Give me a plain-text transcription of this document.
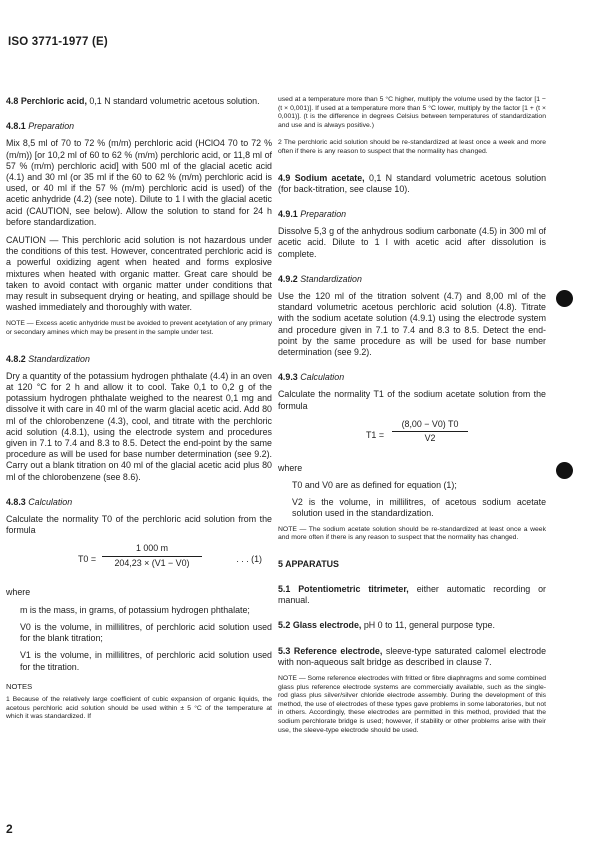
ISO 3771-1977 (E)

4.8 Perchloric acid, 0,1 N standard volumetric acetous solution.

4.8.1 Preparation

Mix 8,5 ml of 70 to 72 % (m/m) perchloric acid (HClO4 70 to 72 % (m/m)) [or 10,2 ml of 60 to 62 % (m/m) perchloric acid, or 11,8 ml of 57 % (m/m) perchloric acid] with 500 ml of the glacial acetic acid (4.1) and 30 ml (or 35 ml if the 60 to 62 % (m/m) perchloric acid is used, or 40 ml if the 57 % (m/m) perchloric acid is used) of the acetic anhydride (4.2) (see note). Dilute to 1 l with the glacial acetic acid (CAUTION, see below). Allow the solution to stand for 24 h before standardization.

CAUTION — This perchloric acid solution is not hazardous under the conditions of this test. However, concentrated perchloric acid is a powerful oxidizing agent when heated and forms explosive mixtures when heated with organic matter. Great care should be taken to avoid contact with organic matter under conditions that may result in subsequent drying or heating, and spillage should be washed immediately and thoroughly with water.

NOTE — Excess acetic anhydride must be avoided to prevent acetylation of any primary or secondary amines which may be present in the sample under test.
4.8.2 Standardization

Dry a quantity of the potassium hydrogen phthalate (4.4) in an oven at 120 °C for 2 h and allow it to cool. Take 0,1 to 0,2 g of the potassium hydrogen phthalate weighed to the nearest 0,1 mg and dissolve it with care in 40 ml of the warm glacial acetic acid. Add 80 ml of the chlorobenzene (4.3), cool, and titrate with the perchloric acid solution (4.8.1), using the electrode system and procedures given in 7.1 to 7.4 and 8.3 to 8.5. Detect the end-point by the same procedure as will be used for base number determination (see 9.2). Carry out a blank titration on 40 ml of the glacial acetic acid plus 80 ml of the chlorobenzene (see 8.6).

4.8.3 Calculation

Calculate the normality T0 of the perchloric acid solution from the formula

$T0 = \frac{1 000 m}{204,23 \times (V1 - V0)}$	. . . (1)
where
m is the mass, in grams, of potassium hydrogen phthalate;
V0 is the volume, in millilitres, of perchloric acid solution used for the blank titration;
V1 is the volume, in millilitres, of perchloric acid solution used for the titration.
NOTES
1 Because of the relatively large coefficient of cubic expansion of organic liquids, the acetous perchloric acid solution should be used within ± 5 °C of the temperature at which it was standardized. If
used at a temperature more than 5 °C higher, multiply the volume used by the factor [1 − (t × 0,001)]. If used at a temperature more than 5 °C lower, multiply by the factor [1 + (t × 0,001)]. (t is the difference in degrees Celsius between temperatures of standardization and use and is always positive.)
2 The perchloric acid solution should be re-standardized at least once a week and more often if there is any reason to suspect that the normality has changed.

4.9 Sodium acetate, 0,1 N standard volumetric acetous solution (for back-titration, see clause 10).

4.9.1 Preparation

Dissolve 5,3 g of the anhydrous sodium carbonate (4.5) in 300 ml of acetic acid. Dilute to 1 l with acetic acid after dissolution is complete.

4.9.2 Standardization

Use the 120 ml of the titration solvent (4.7) and 8,00 ml of the standard volumetric acetous perchloric acid solution (4.8). Titrate with the sodium acetate solution (4.9.1) using the electrode system and procedure given in 7.1 to 7.4 and 8.3 to 8.5. Detect the end-point by the same procedure as will be used for base number determination (see 9.2).

4.9.3 Calculation

Calculate the normality T1 of the sodium acetate solution from the formula

$T1 = \frac{(8,00 - V0) T0}{V2}$
where
T0 and V0 are as defined for equation (1);
V2 is the volume, in millilitres, of acetous sodium acetate solution used in the standardization.
NOTE — The sodium acetate solution should be re-standardized at least once a week and more often if there is any reason to suspect that the normality has changed.

5 APPARATUS

5.1 Potentiometric titrimeter, either automatic recording or manual.

5.2 Glass electrode, pH 0 to 11, general purpose type.

5.3 Reference electrode, sleeve-type saturated calomel electrode with non-aqueous salt bridge as described in clause 7.

NOTE — Some reference electrodes with fritted or fibre diaphragms and some combined glass plus reference electrode systems are commercially available, such as the single-rod glass plus silver/silver chloride electrode assembly. During the development of this method, the use of electrodes of these types gave problems in some laboratories, but not in others. Accordingly, these electrodes are permitted in this method, provided that the sodium perchlorate bridge is used; however, if stability or other problems arise with their use, the sleeve-type electrode should be used.
2
